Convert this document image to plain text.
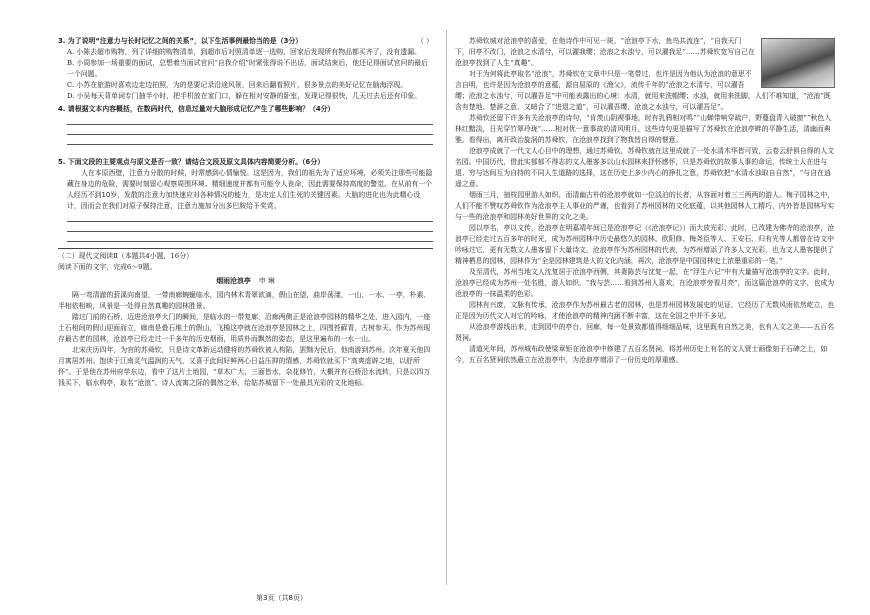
3. 为了说明“注意力与长时记忆之间的关系”，以下生活事例最恰当的是（3分）	（ ）

A. 小陈去超市购物，列了详细的购物清单，到超市后对照清单逐一选购，回家后发现所有物品都买齐了，没有遗漏。

B. 小周参加一场重要的面试，总想着当面试官问“自我介绍”时紧张得说不出话，面试结束后，他还记得面试官问的最后一个问题。

C. 小苏在旅游时喜欢边走边拍照，为的是要记录沿途风景，回来后翻看照片，很多景点的美好记忆在脑海浮现。

D. 小吴每天背单词专门抽半小时，把手机放在家门口，躲在相对安静的卧室，发现记得很快，几天过去后还有印象。

4. 请根据文本内容概括，在数码时代，信息过量对大脑形成记忆产生了哪些影响？（4分）

5. 下面文段的主要观点与原文是否一致？请结合文段及原文具体内容简要分析。（6分）

人在本原西壁，注意力分散的时候，时常感到心情愉悦。这是因为，我们的祖先为了适应环境，必须关注那些可能隐藏在身边的危险，需要时刻留心观察周围环境。精细速度并都有可能令人丧命，因此需要保持高度的警觉。在从前有一个人经历不到10岁，发散的注意力加快速应对各种情况的能力，是决定人们生死的关键因素。大脑的进化也为此精心设计，因而会在我们对原子保持注意，注意力施加分出多巴胺给予奖赏。

（二）现代文阅读Ⅱ（本题共4小题，16分）

阅读下面的文字，完成6～9题。

烟雨沧浪亭 申 琳

隔一弯清澈的葑溪向南望，一带南廊蜿蜒临水，园内林木青翠欲滴，假山在望，曲岸荡漾，一山、一水、一亭，朴素、半相依相映，风景是一处得自然真趣的园林胜景。

踏过门前的石桥，迈进沧浪亭大门的瞬间，是临水的一带复廊，沿廊两侧正是沧浪亭园林的精华之处，进入园内，一座土石相间的假山迎面而立，廊南是叠石堆土的假山，飞檐这亭就在沧浪亭是园林之上，四围苔藓青，古树参天。作为苏州现存最古老的园林，沧浪亭已经走过一千多年的历史烟雨，用质朴而飘然的姿态，是这里遍布的一水一山。

北宋庆历四年，为官的苏舜钦，只是诗文革新运动健将的苏舜钦被人构陷，罢黜为民后，他南游到苏州。次年夏天他四月寓居苏州。饱读于江南灵气温润的天气，又喜于此间好鲜两心日益压抑的情感，苏舜钦就买下“高爽虚辟之地，以舒所怀”。于是他在苏州府学东边，看中了这片土地园，“草木广大，三面皆水，杂花修竹，大概并有石桥沿水流转，只是以四万钱买下，临水构亭，取名“沧浪”。诗人流寓之际的偶然之举，给姑苏城留下一处最具光彩的文化地标。

苏舜钦城对沧浪亭的喜爱，在他诗作中可见一斑，“沧浪亭下水，鱼鸟共流连”，“自我天门下，旧亭不改门，沧浪之水清兮，可以濯我缨；沧浪之水浊兮，可以濯我足”……苏舜钦宽写自己在沧浪亭找到了人生“真趣”。

对于为何将此亭取名“沧浪”，苏舜钦在文章中只是一笔带过，也许是因为他认为沧浪的意思不言自明，也许是因为沧浪亭的意蕴，源自屈原的《渔父》，流传千年的“沧浪之水清兮，可以濯吾缨；沧浪之水浊兮，可以濯吾足”中可能表露出的心境：水清，就用来洗帽缨；水浊，就用来洗脚，人们不难知道，“沧浪”既含有楚地、楚辞之意，又暗合了“进退之道”，可以濯吾缨，沧浪之水浊兮，可以濯吾足”。

苏舜钦还留下许多有关沧浪亭的诗句，“肯羡山阴禊事地，时有乳鸦相对鸣”“山蝉带响穿疏户，野蔓盘青入破窗”“秋色入林红黯淡，日光穿竹翠玲珑”……相对优一意事故的清风明月，这些诗句更是描写了苏舜钦在沧浪亭畔的平静生活，清幽而典雅。看得出，离开政治旋涡的苏舜钦，在沧浪亭找到了物我皆自得的惬意。

沧浪亭成就了一代文人心目中的理想，通过苏舜钦，苏舜钦就在这里成就了一处水清木华皆可致，云卷云舒俱自得的人文名园。中国历代，借此实郁郁不得志的文人墨客多以山水园林来抒怀感怀，只是苏舜钦的故事人事的命运，传统士人在进与退、穷与达间互为自持的不同人生道路的选择，这在历史上多少内心的挣扎之意，苏舜钦把“水清水浊取自自然”，“与自在逍遥之意。

烟雨三月，抽枝园里游人如织，而清幽古朴的沧浪亭就如一位淡泊的长者，从容面对着三三两两的游人。梅子园林之中，人们不能不赞叹苏舜钦作为沧浪亭主人事业的严谨，也看到了苏州园林的文化底蕴，以其他园林人工精巧，内外皆是园林写实与一些的沧浪亭和园林美好世界的文化之美。

园以亭名，亭以文传，沧浪亭在明嘉靖年间已是沧浪亭记（《沧浪亭记》）而大放光彩，此时，已改建为佛寺的沧浪亭，沧浪亭已经走过五百多年的时光，成为苏州园林中历史最悠久的园林。欧阳修、梅尧臣等人、王安石、归有光等人都曾在诗文中吟咏过它，更有无数文人墨客留下大量诗文，沧浪亭作为苏州园林的代表，为苏州增添了许多人文光彩，也为文人墨客提供了精神栖息的园林，园林作为“全是园林建筑是人的文化内涵，再次，沧浪亭是中国园林史上浓墨重彩的一笔。”

及至清代，苏州当地文人沈复居于沧浪亭西侧，其妻陈芸与沈复一起，在“浮生六记”中有大量描写沧浪亭的文字。此时，沧浪亭已经成为苏州一处名胜，游人如织，“我与芸……看到苏州人喜欢，在沧浪亭旁看月亮”，而这篇沧浪亭的文字，也成为沧浪亭的一抹温柔的色彩。

园林有兴废，文脉有传承，沧浪亭作为苏州最古老的园林，也是苏州园林发展史的见证，它经历了无数风雨依然屹立，也正是因为历代文人对它的吟咏，才使沧浪亭的精神内涵不断丰富，这在全国之中并不多见。

从沧浪亭游线出来，走到园中的亭台、回廊，每一处景致都值得细细品味，这里既有自然之美，也有人文之美——五百名贤祠。

清道光年间，苏州城布政使梁章钜在沧浪亭中修建了五百名贤祠，将苏州历史上有名的文人贤士画像刻于石碑之上，如今，五百名贤祠依然矗立在沧浪亭中，为沧浪亭增添了一份历史的厚重感。

第3页（共8页）
